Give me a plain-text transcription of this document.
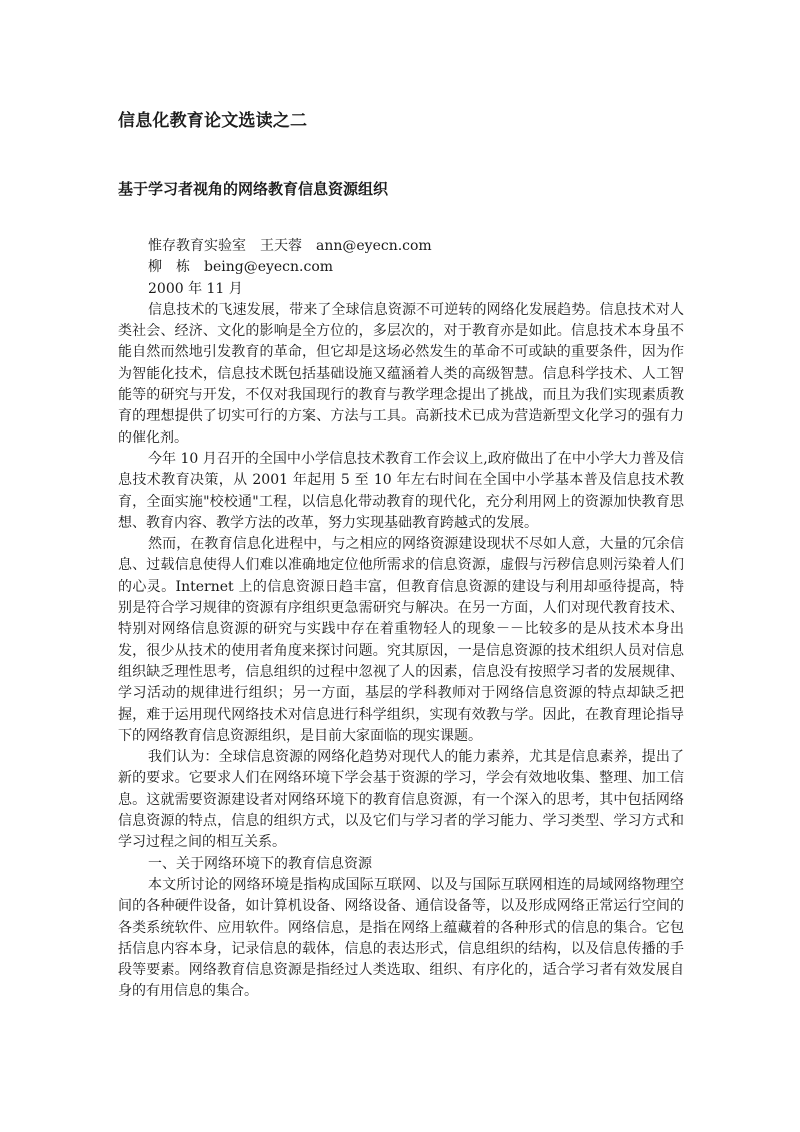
信息化教育论文选读之二
基于学习者视角的网络教育信息资源组织

惟存教育实验室　王天蓉　ann@eyecn.com

柳　栋　being@eyecn.com

2000 年 11 月

信息技术的飞速发展，带来了全球信息资源不可逆转的网络化发展趋势。信息技术对人类社会、经济、文化的影响是全方位的，多层次的，对于教育亦是如此。信息技术本身虽不能自然而然地引发教育的革命，但它却是这场必然发生的革命不可或缺的重要条件，因为作为智能化技术，信息技术既包括基础设施又蕴涵着人类的高级智慧。信息科学技术、人工智能等的研究与开发，不仅对我国现行的教育与教学理念提出了挑战，而且为我们实现素质教育的理想提供了切实可行的方案、方法与工具。高新技术已成为营造新型文化学习的强有力的催化剂。

今年 10 月召开的全国中小学信息技术教育工作会议上,政府做出了在中小学大力普及信息技术教育决策，从 2001 年起用 5 至 10 年左右时间在全国中小学基本普及信息技术教育，全面实施"校校通"工程，以信息化带动教育的现代化，充分利用网上的资源加快教育思想、教育内容、教学方法的改革，努力实现基础教育跨越式的发展。

然而，在教育信息化进程中，与之相应的网络资源建设现状不尽如人意，大量的冗余信息、过载信息使得人们难以准确地定位他所需求的信息资源，虚假与污秽信息则污染着人们的心灵。Internet 上的信息资源日趋丰富，但教育信息资源的建设与利用却亟待提高，特别是符合学习规律的资源有序组织更急需研究与解决。在另一方面，人们对现代教育技术、特别对网络信息资源的研究与实践中存在着重物轻人的现象－－比较多的是从技术本身出发，很少从技术的使用者角度来探讨问题。究其原因，一是信息资源的技术组织人员对信息组织缺乏理性思考，信息组织的过程中忽视了人的因素，信息没有按照学习者的发展规律、学习活动的规律进行组织；另一方面，基层的学科教师对于网络信息资源的特点却缺乏把握，难于运用现代网络技术对信息进行科学组织，实现有效教与学。因此，在教育理论指导下的网络教育信息资源组织，是目前大家面临的现实课题。

我们认为：全球信息资源的网络化趋势对现代人的能力素养，尤其是信息素养，提出了新的要求。它要求人们在网络环境下学会基于资源的学习，学会有效地收集、整理、加工信息。这就需要资源建设者对网络环境下的教育信息资源，有一个深入的思考，其中包括网络信息资源的特点，信息的组织方式，以及它们与学习者的学习能力、学习类型、学习方式和学习过程之间的相互关系。

一、关于网络环境下的教育信息资源

本文所讨论的网络环境是指构成国际互联网、以及与国际互联网相连的局域网络物理空间的各种硬件设备，如计算机设备、网络设备、通信设备等，以及形成网络正常运行空间的各类系统软件、应用软件。网络信息，是指在网络上蕴藏着的各种形式的信息的集合。它包括信息内容本身，记录信息的载体，信息的表达形式，信息组织的结构，以及信息传播的手段等要素。网络教育信息资源是指经过人类选取、组织、有序化的，适合学习者有效发展自身的有用信息的集合。
